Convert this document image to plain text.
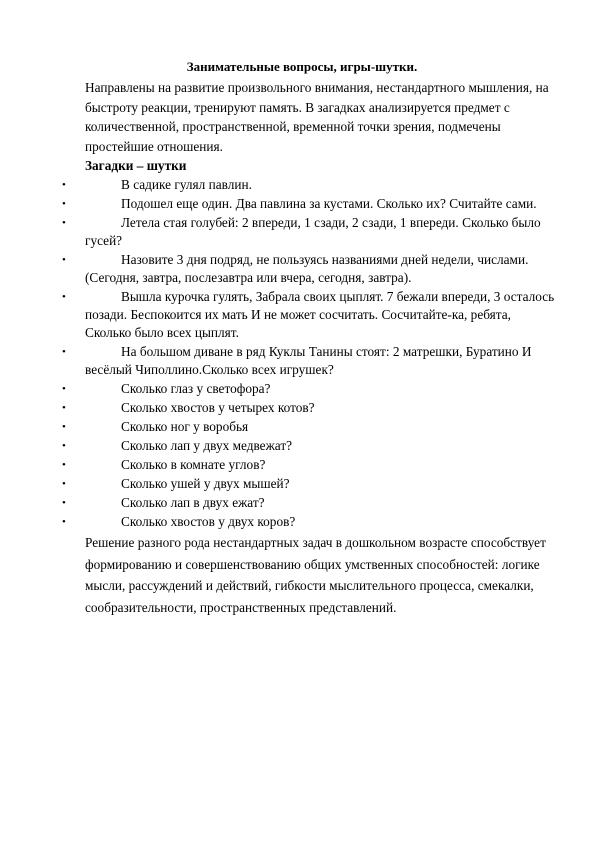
Занимательные вопросы, игры-шутки.

Направлены на развитие произвольного внимания, нестандартного мышления, на быстроту реакции, тренируют память. В загадках анализируется предмет с количественной, пространственной, временной точки зрения, подмечены простейшие отношения.

Загадки – шутки

•	В садике гулял павлин.
•	Подошел еще один. Два павлина за кустами. Сколько их? Считайте сами.
•	Летела стая голубей: 2 впереди, 1 сзади, 2 сзади, 1 впереди. Сколько было гусей?
•	Назовите 3 дня подряд, не пользуясь названиями дней недели, числами. (Сегодня, завтра, послезавтра или вчера, сегодня, завтра).
•	Вышла курочка гулять, Забрала своих цыплят. 7 бежали впереди, 3 осталось позади. Беспокоится их мать И не может сосчитать. Сосчитайте-ка, ребята, Сколько было всех цыплят.
•	На большом диване в ряд Куклы Танины стоят: 2 матрешки, Буратино И весёлый Чиполлино.Сколько всех игрушек?
•	Сколько глаз у светофора?
•	Сколько хвостов у четырех котов?
•	Сколько ног у воробья
•	Сколько лап у двух медвежат?
•	Сколько в комнате углов?
•	Сколько ушей у двух мышей?
•	Сколько лап в двух ежат?
•	Сколько хвостов у двух коров?

Решение разного рода нестандартных задач в дошкольном возрасте способствует формированию и совершенствованию общих умственных способностей: логике мысли, рассуждений и действий, гибкости мыслительного процесса, смекалки, сообразительности, пространственных представлений.
